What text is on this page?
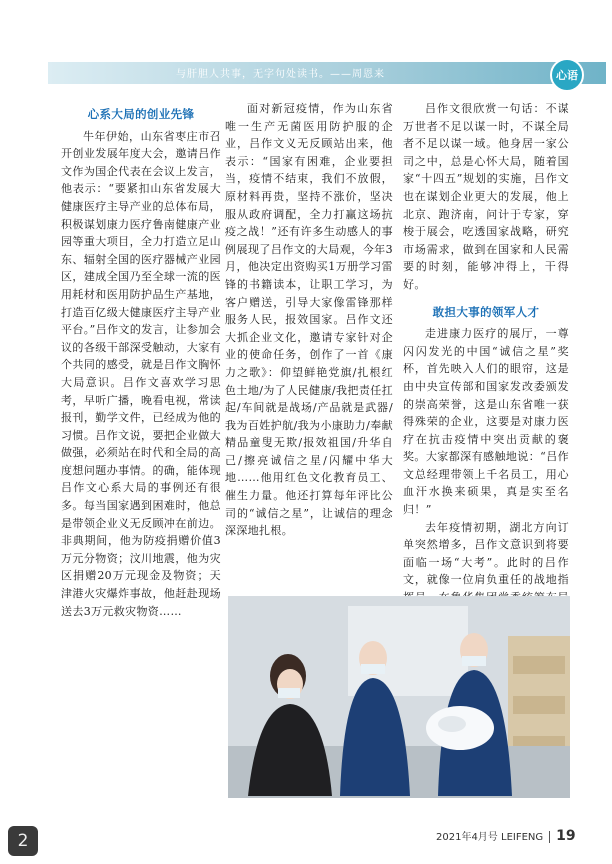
与肝胆人共事，无字句处读书。——周恩来	心语

心系大局的创业先锋

牛年伊始，山东省枣庄市召开创业发展年度大会，邀请吕作文作为国企代表在会议上发言，他表示：“要紧扣山东省发展大健康医疗主导产业的总体布局，积极谋划康力医疗鲁南健康产业园等重大项目，全力打造立足山东、辐射全国的医疗器械产业园区，建成全国乃至全球一流的医用耗材和医用防护品生产基地，打造百亿级大健康医疗主导产业平台。”吕作文的发言，让参加会议的各级干部深受触动，大家有个共同的感受，就是吕作文胸怀大局意识。吕作文喜欢学习思考，早听广播，晚看电视，常读报刊，勤学文件，已经成为他的习惯。吕作文说，要把企业做大做强，必须站在时代和全局的高度想问题办事情。的确，能体现吕作文心系大局的事例还有很多。每当国家遇到困难时，他总是带领企业义无反顾冲在前边。非典期间，他为防疫捐赠价值3万元分物资；汶川地震，他为灾区捐赠20万元现金及物资；天津港火灾爆炸事故，他赶赴现场送去3万元救灾物资……

面对新冠疫情，作为山东省唯一生产无菌医用防护服的企业，吕作文义无反顾站出来，他表示：“国家有困难，企业要担当，疫情不结束，我们不放假，原材料再贵，坚持不涨价，坚决服从政府调配，全力打赢这场抗疫之战！”还有许多生动感人的事例展现了吕作文的大局观，今年3月，他决定出资购买1万册学习雷锋的书籍读本，让职工学习，为客户赠送，引导大家像雷锋那样服务人民，报效国家。吕作文还大抓企业文化，邀请专家针对企业的使命任务，创作了一首《康力之歌》：仰望鲜艳党旗/扎根红色土地/为了人民健康/我把责任扛起/车间就是战场/产品就是武器/我为百姓护航/我为小康助力/奉献精品童叟无欺/报效祖国/升华自己/擦亮诚信之星/闪耀中华大地……他用红色文化教育员工、催生力量。他还打算每年评比公司的“诚信之星”，让诚信的理念深深地扎根。

吕作文很欣赏一句话：不谋万世者不足以谋一时，不谋全局者不足以谋一域。他身居一家公司之中，总是心怀大局，随着国家“十四五”规划的实施，吕作文也在谋划企业更大的发展，他上北京、跑济南，问计于专家，穿梭于展会，吃透国家战略，研究市场需求，做到在国家和人民需要的时刻，能够冲得上，干得好。

敢担大事的领军人才

走进康力医疗的展厅，一尊闪闪发光的中国“诚信之星”奖杯，首先映入人们的眼帘，这是由中央宣传部和国家发改委颁发的崇高荣誉，这是山东省唯一获得殊荣的企业，这要是对康力医疗在抗击疫情中突出贡献的褒奖。大家都深有感触地说：“吕作文总经理带领上千名员工，用心血汗水换来硕果，真是实至名归！”

去年疫情初期，湖北方向订单突然增多，吕作文意识到将要面临一场“大考”。此时的吕作文，就像一位肩负重任的战地指

2021年4月号 LEIFENG 19
2
